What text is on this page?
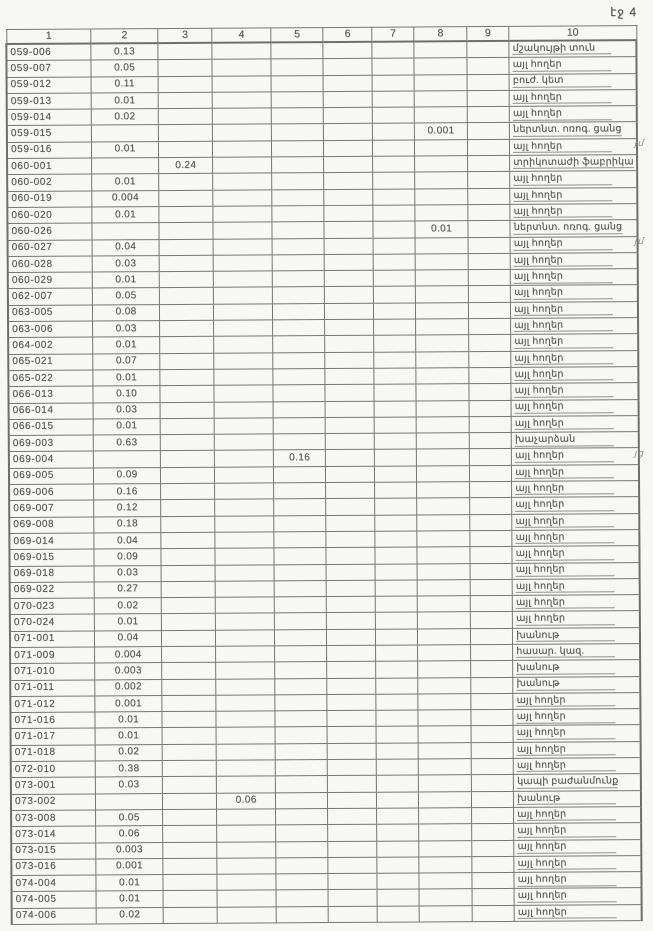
էջ 4
1	2	3	4	5	6	7	8	9	10
059-006	0.13								մշակույթի տուն
059-007	0.05								այլ հողեր
059-012	0.11								բուժ. կետ
059-013	0.01								այլ հողեր
059-014	0.02								այլ հողեր
059-015							0.001		ներտնտ. ոռոգ. ցանց
059-016	0.01								այլ հողեր
060-001		0.24							տրիկոտաժի ֆաբրիկա
060-002	0.01								այլ հողեր
060-019	0.004								այլ հողեր
060-020	0.01								այլ հողեր
060-026							0.01		ներտնտ. ոռոգ. ցանց
060-027	0.04								այլ հողեր
060-028	0.03								այլ հողեր
060-029	0.01								այլ հողեր
062-007	0.05								այլ հողեր
063-005	0.08								այլ հողեր
063-006	0.03								այլ հողեր
064-002	0.01								այլ հողեր
065-021	0.07								այլ հողեր
065-022	0.01								այլ հողեր
066-013	0.10								այլ հողեր
066-014	0.03								այլ հողեր
066-015	0.01								այլ հողեր
069-003	0.63								խաչարձան
069-004				0.16					այլ հողեր
069-005	0.09								այլ հողեր
069-006	0.16								այլ հողեր
069-007	0.12								այլ հողեր
069-008	0.18								այլ հողեր
069-014	0.04								այլ հողեր
069-015	0.09								այլ հողեր
069-018	0.03								այլ հողեր
069-022	0.27								այլ հողեր
070-023	0.02								այլ հողեր
070-024	0.01								այլ հողեր
071-001	0.04								խանութ
071-009	0.004								հասար. կազ.
071-010	0.003								խանութ
071-011	0.002								խանութ
071-012	0.001								այլ հողեր
071-016	0.01								այլ հողեր
071-017	0.01								այլ հողեր
071-018	0.02								այլ հողեր
072-010	0.38								այլ հողեր
073-001	0.03								կապի բաժանմունք
073-002			0.06						խանութ
073-008	0.05								այլ հողեր
073-014	0.06								այլ հողեր
073-015	0.003								այլ հողեր
073-016	0.001								այլ հողեր
074-004	0.01								այլ հողեր
074-005	0.01								այլ հողեր
074-006	0.02								այլ հողեր
յմ
յմ
յց
